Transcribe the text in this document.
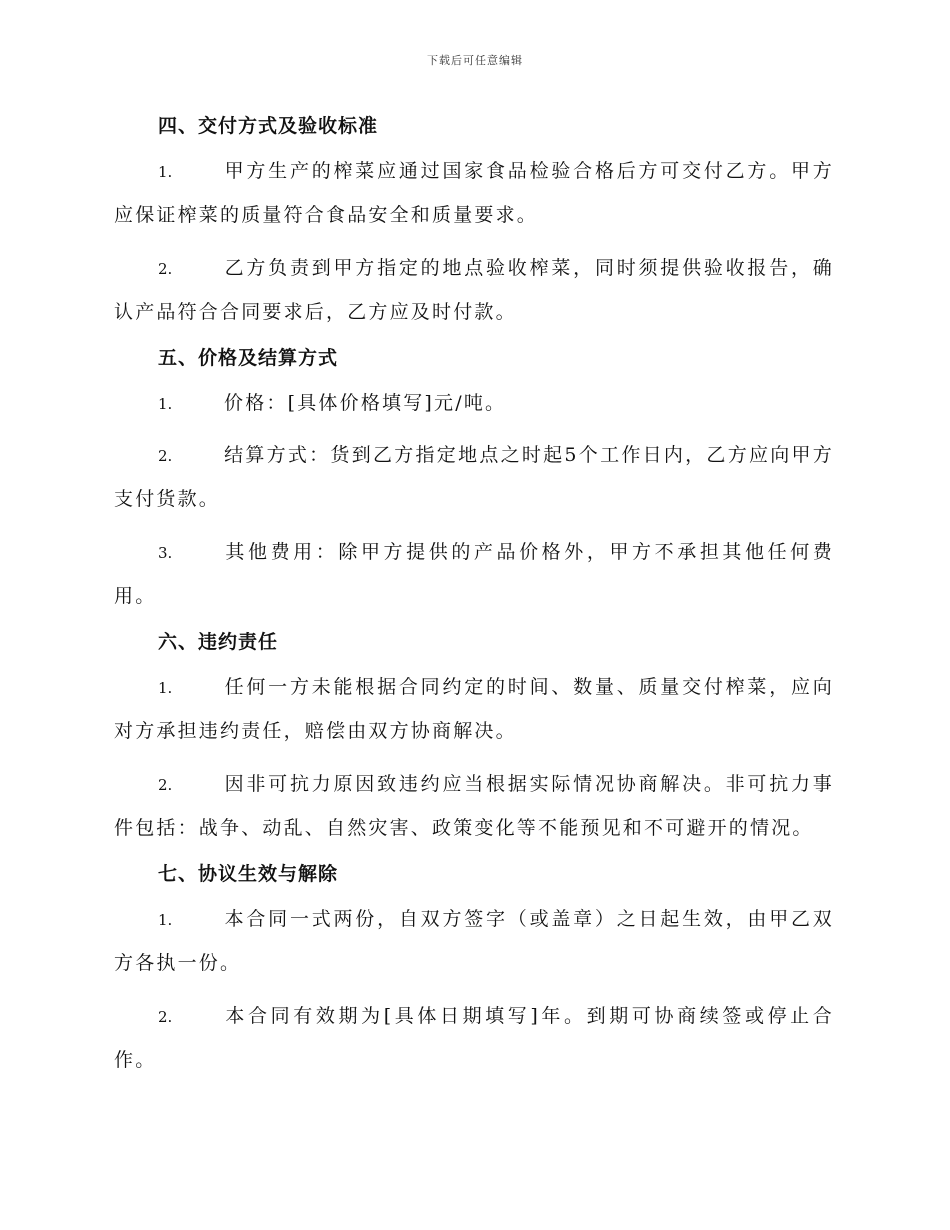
下载后可任意编辑
四、交付方式及验收标准

1.	甲方生产的榨菜应通过国家食品检验合格后方可交付乙方。甲方应保证榨菜的质量符合食品安全和质量要求。

2.	乙方负责到甲方指定的地点验收榨菜，同时须提供验收报告，确认产品符合合同要求后，乙方应及时付款。

五、价格及结算方式

1.	价格：[具体价格填写]元/吨。

2.	结算方式：货到乙方指定地点之时起5个工作日内，乙方应向甲方支付货款。

3.	其他费用：除甲方提供的产品价格外，甲方不承担其他任何费用。

六、违约责任

1.	任何一方未能根据合同约定的时间、数量、质量交付榨菜，应向对方承担违约责任，赔偿由双方协商解决。

2.	因非可抗力原因致违约应当根据实际情况协商解决。非可抗力事件包括：战争、动乱、自然灾害、政策变化等不能预见和不可避开的情况。

七、协议生效与解除

1.	本合同一式两份，自双方签字（或盖章）之日起生效，由甲乙双方各执一份。

2.	本合同有效期为[具体日期填写]年。到期可协商续签或停止合作。
